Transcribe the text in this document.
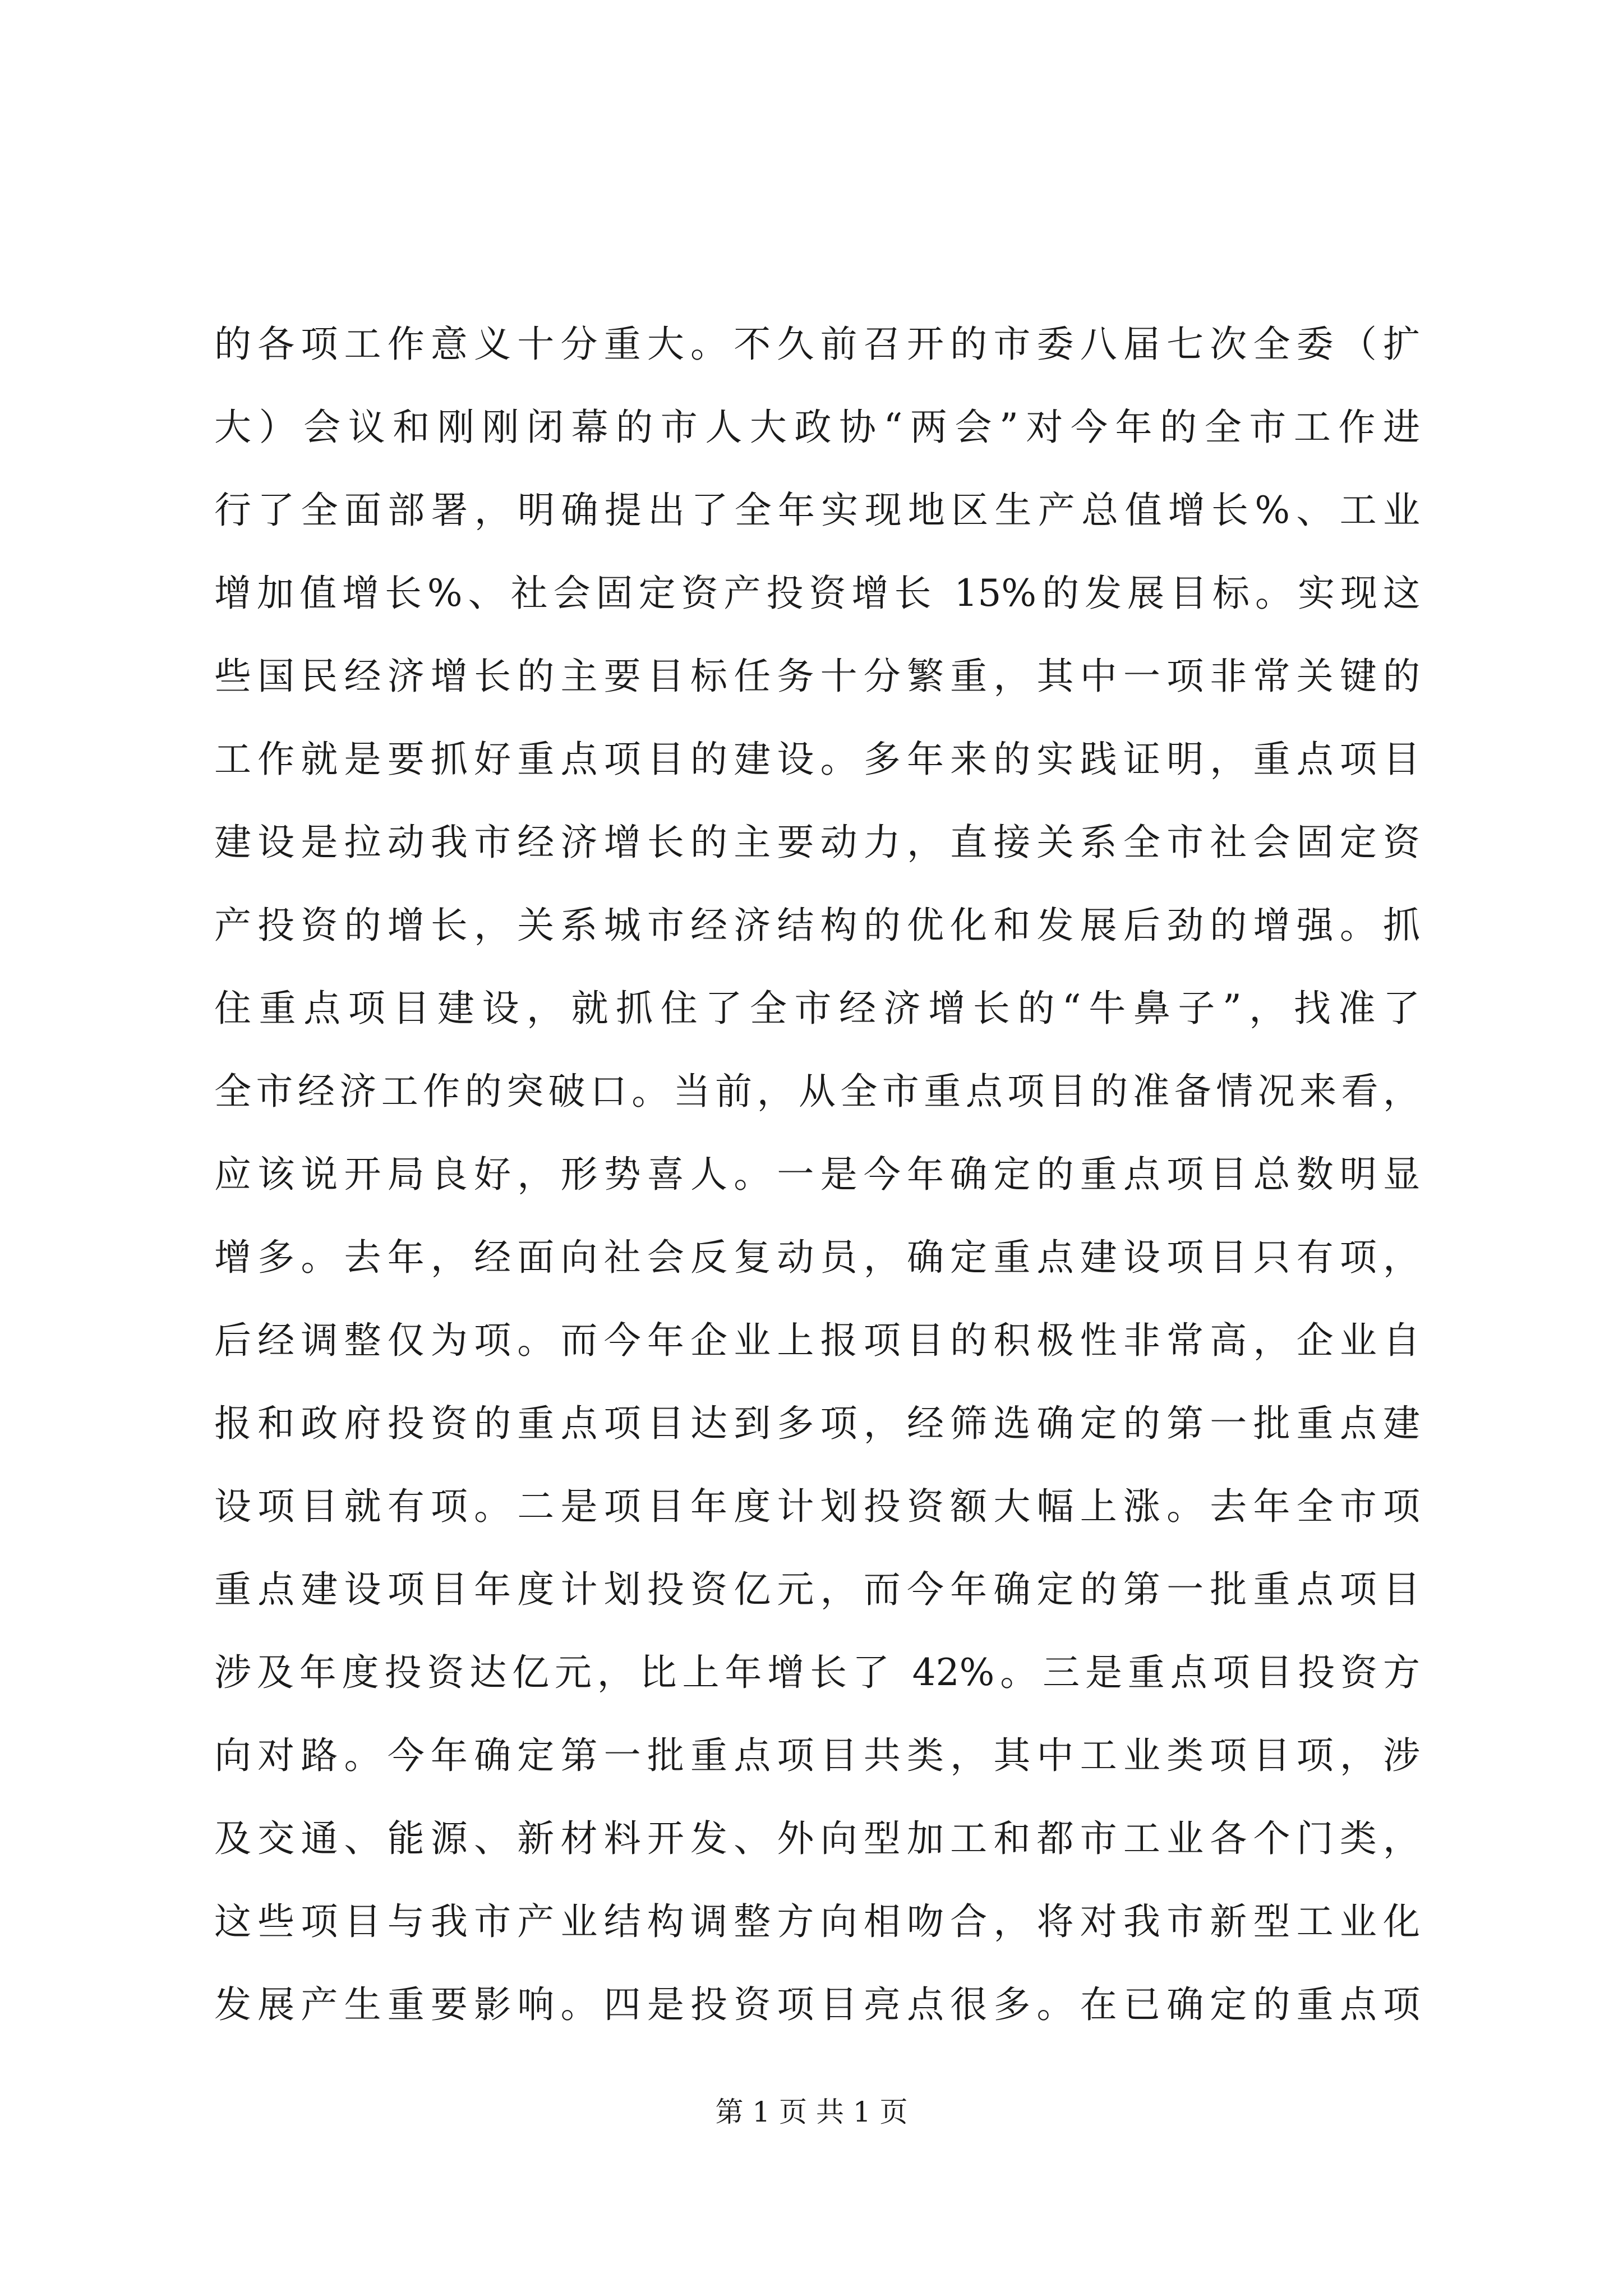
的各项工作意义十分重大。不久前召开的市委八届七次全委（扩
大）会议和刚刚闭幕的市人大政协“两会”对今年的全市工作进
行了全面部署，明确提出了全年实现地区生产总值增长%、工业
增加值增长%、社会固定资产投资增长 15%的发展目标。实现这
些国民经济增长的主要目标任务十分繁重，其中一项非常关键的
工作就是要抓好重点项目的建设。多年来的实践证明，重点项目
建设是拉动我市经济增长的主要动力，直接关系全市社会固定资
产投资的增长，关系城市经济结构的优化和发展后劲的增强。抓
住重点项目建设，就抓住了全市经济增长的“牛鼻子”，找准了
全市经济工作的突破口。当前，从全市重点项目的准备情况来看，
应该说开局良好，形势喜人。一是今年确定的重点项目总数明显
增多。去年，经面向社会反复动员，确定重点建设项目只有项，
后经调整仅为项。而今年企业上报项目的积极性非常高，企业自
报和政府投资的重点项目达到多项，经筛选确定的第一批重点建
设项目就有项。二是项目年度计划投资额大幅上涨。去年全市项
重点建设项目年度计划投资亿元，而今年确定的第一批重点项目
涉及年度投资达亿元，比上年增长了 42%。三是重点项目投资方
向对路。今年确定第一批重点项目共类，其中工业类项目项，涉
及交通、能源、新材料开发、外向型加工和都市工业各个门类，
这些项目与我市产业结构调整方向相吻合，将对我市新型工业化
发展产生重要影响。四是投资项目亮点很多。在已确定的重点项
第 1 页 共 1 页
